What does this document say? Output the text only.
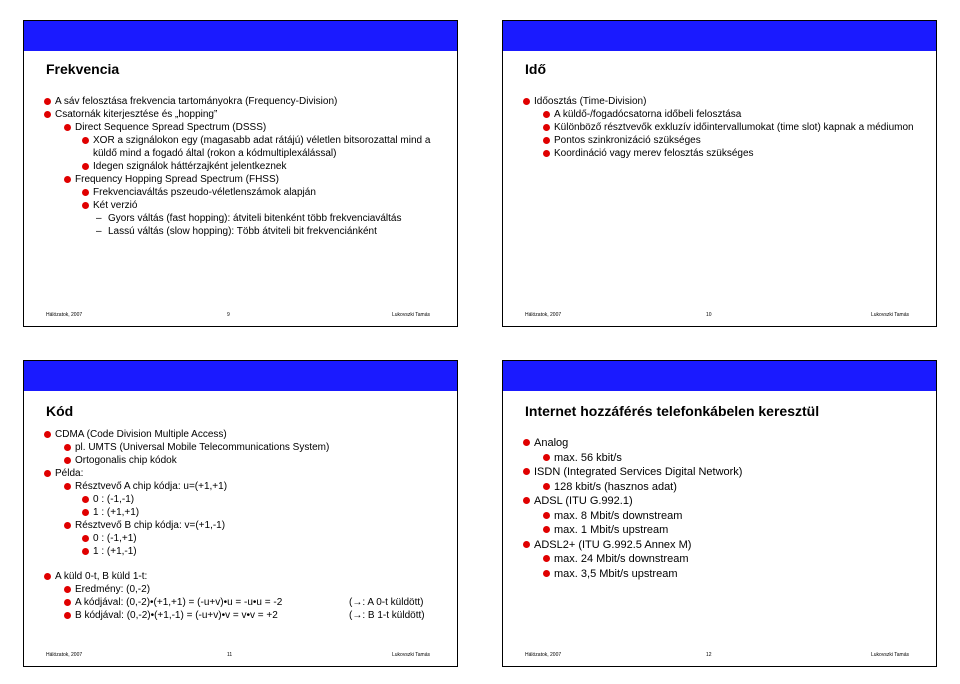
Frekvencia
A sáv felosztása frekvencia tartományokra (Frequency-Division)
Csatornák kiterjesztése és „hopping”
Direct Sequence Spread Spectrum (DSSS)
XOR a szignálokon egy (magasabb adat rátájú) véletlen bitsorozattal mind a küldő mind a fogadó által (rokon a kódmultiplexálással)
Idegen szignálok háttérzajként jelentkeznek
Frequency Hopping Spread Spectrum (FHSS)
Frekvenciaváltás pszeudo-véletlenszámok alapján
Két verzió
– Gyors váltás (fast hopping): átviteli bitenként több frekvenciaváltás
– Lassú váltás (slow hopping): Több átviteli bit frekvenciánként
Hálózatok, 2007	9	Lukovszki Tamás
Idő
Időosztás (Time-Division)
A küldő-/fogadócsatorna időbeli felosztása
Különböző résztvevők exkluzív időintervallumokat (time slot) kapnak a médiumon
Pontos szinkronizáció szükséges
Koordináció vagy merev felosztás szükséges
Hálózatok, 2007	10	Lukovszki Tamás
Kód
CDMA (Code Division Multiple Access)
pl. UMTS (Universal Mobile Telecommunications System)
Ortogonalis chip kódok
Példa:
Résztvevő A chip kódja: u=(+1,+1)
0 : (-1,-1)
1 : (+1,+1)
Résztvevő B chip kódja: v=(+1,-1)
0 : (-1,+1)
1 : (+1,-1)
A küld 0-t, B küld 1-t:
Eredmény: (0,-2)
A kódjával: (0,-2)•(+1,+1) = (-u+v)•u = -u•u = -2	(→: A 0-t küldött)
B kódjával: (0,-2)•(+1,-1) = (-u+v)•v = v•v = +2	(→: B 1-t küldött)
Hálózatok, 2007	11	Lukovszki Tamás
Internet hozzáférés telefonkábelen keresztül
Analog
max. 56 kbit/s
ISDN (Integrated Services Digital Network)
128 kbit/s (hasznos adat)
ADSL (ITU G.992.1)
max. 8 Mbit/s downstream
max. 1 Mbit/s upstream
ADSL2+ (ITU G.992.5 Annex M)
max. 24 Mbit/s downstream
max. 3,5 Mbit/s upstream
Hálózatok, 2007	12	Lukovszki Tamás
